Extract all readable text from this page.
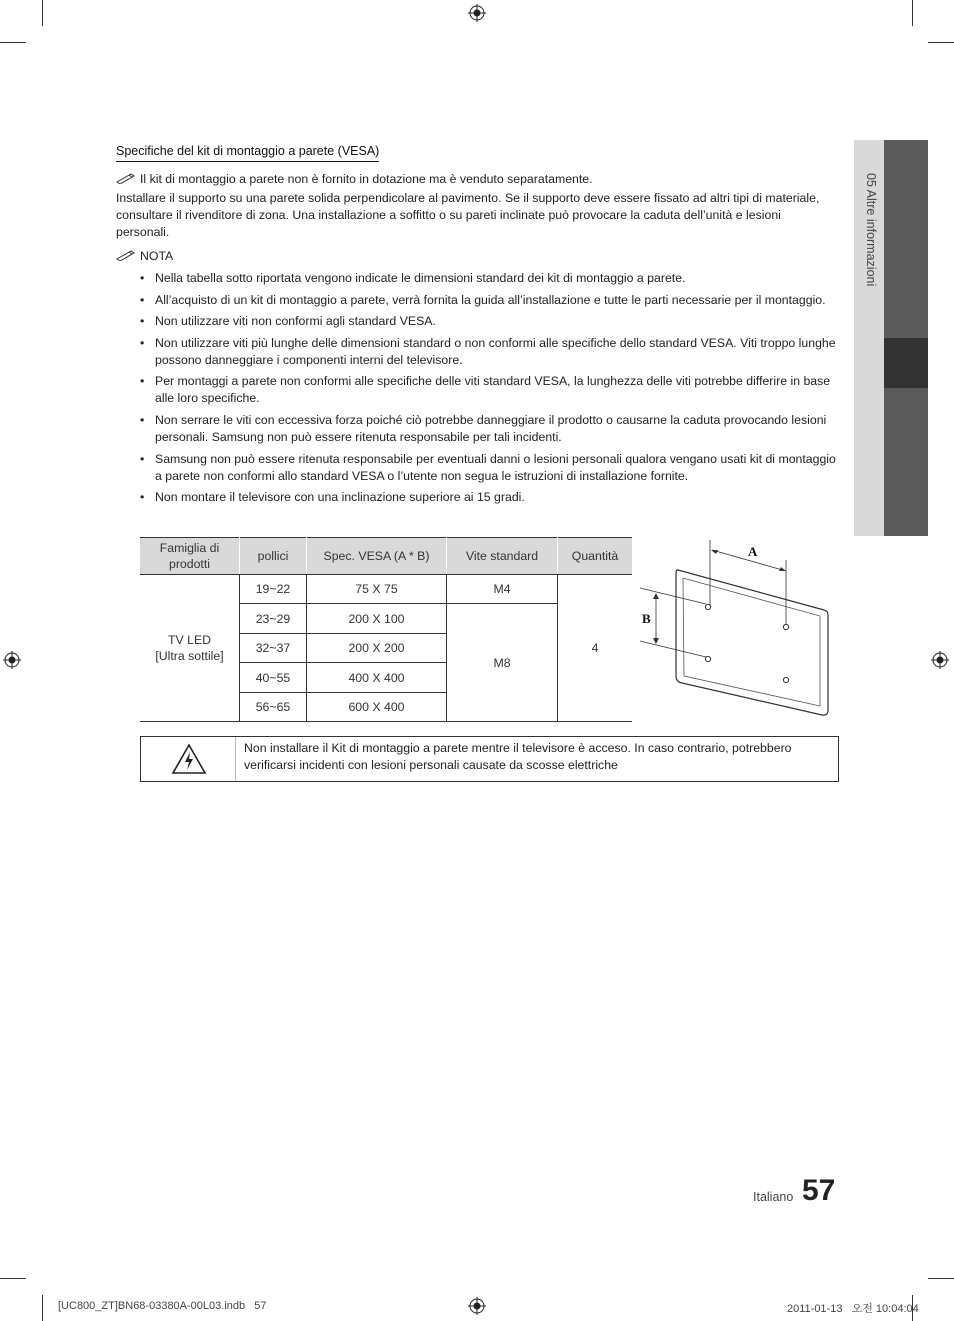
05 Altre informazioni
Specifiche del kit di montaggio a parete (VESA)
Il kit di montaggio a parete non è fornito in dotazione ma è venduto separatamente.
Installare il supporto su una parete solida perpendicolare al pavimento. Se il supporto deve essere fissato ad altri tipi di materiale, consultare il rivenditore di zona. Una installazione a soffitto o su pareti inclinate può provocare la caduta dell’unità e lesioni personali.
NOTA
• Nella tabella sotto riportata vengono indicate le dimensioni standard dei kit di montaggio a parete.
• All’acquisto di un kit di montaggio a parete, verrà fornita la guida all’installazione e tutte le parti necessarie per il montaggio.
• Non utilizzare viti non conformi agli standard VESA.
• Non utilizzare viti più lunghe delle dimensioni standard o non conformi alle specifiche dello standard VESA. Viti troppo lunghe possono danneggiare i componenti interni del televisore.
• Per montaggi a parete non conformi alle specifiche delle viti standard VESA, la lunghezza delle viti potrebbe differire in base alle loro specifiche.
• Non serrare le viti con eccessiva forza poiché ciò potrebbe danneggiare il prodotto o causarne la caduta provocando lesioni personali. Samsung non può essere ritenuta responsabile per tali incidenti.
• Samsung non può essere ritenuta responsabile per eventuali danni o lesioni personali qualora vengano usati kit di montaggio a parete non conformi allo standard VESA o l’utente non segua le istruzioni di installazione fornite.
• Non montare il televisore con una inclinazione superiore ai 15 gradi.
Famiglia di prodotti	pollici	Spec. VESA (A * B)	Vite standard	Quantità
TV LED
[Ultra sottile]	19~22	75 X 75	M4	4
	23~29	200 X 100	M8	
	32~37	200 X 200		
	40~55	400 X 400		
	56~65	600 X 400		
A
B
Non installare il Kit di montaggio a parete mentre il televisore è acceso. In caso contrario, potrebbero verificarsi incidenti con lesioni personali causate da scosse elettriche
Italiano 57
[UC800_ZT]BN68-03380A-00L03.indb   57	2011-01-13   오전 10:04:04
